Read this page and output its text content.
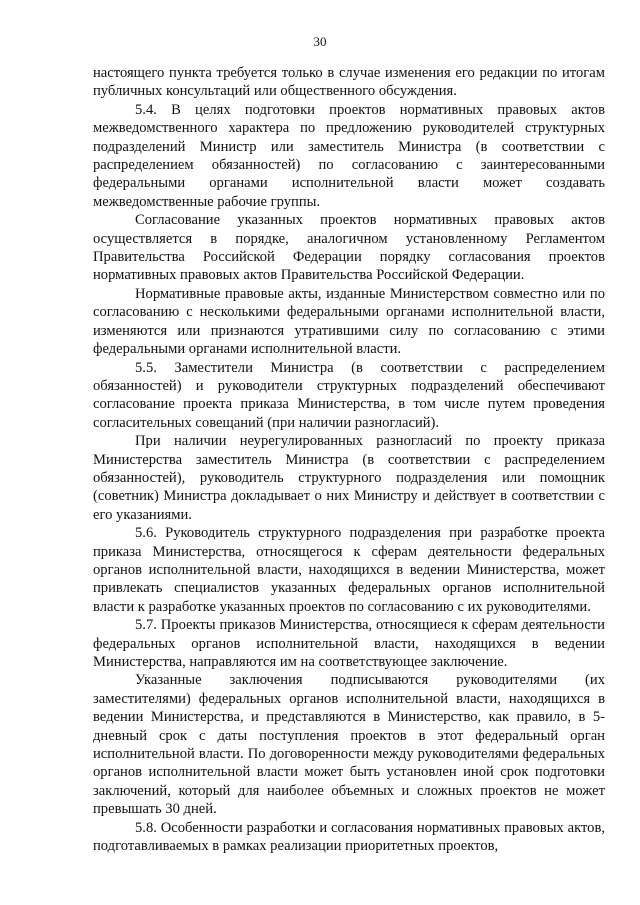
30

настоящего пункта требуется только в случае изменения его редакции по итогам публичных консультаций или общественного обсуждения.

5.4. В целях подготовки проектов нормативных правовых актов межведомственного характера по предложению руководителей структурных подразделений Министр или заместитель Министра (в соответствии с распределением обязанностей) по согласованию с заинтересованными федеральными органами исполнительной власти может создавать межведомственные рабочие группы.

Согласование указанных проектов нормативных правовых актов осуществляется в порядке, аналогичном установленному Регламентом Правительства Российской Федерации порядку согласования проектов нормативных правовых актов Правительства Российской Федерации.

Нормативные правовые акты, изданные Министерством совместно или по согласованию с несколькими федеральными органами исполнительной власти, изменяются или признаются утратившими силу по согласованию с этими федеральными органами исполнительной власти.

5.5. Заместители Министра (в соответствии с распределением обязанностей) и руководители структурных подразделений обеспечивают согласование проекта приказа Министерства, в том числе путем проведения согласительных совещаний (при наличии разногласий).

При наличии неурегулированных разногласий по проекту приказа Министерства заместитель Министра (в соответствии с распределением обязанностей), руководитель структурного подразделения или помощник (советник) Министра докладывает о них Министру и действует в соответствии с его указаниями.

5.6. Руководитель структурного подразделения при разработке проекта приказа Министерства, относящегося к сферам деятельности федеральных органов исполнительной власти, находящихся в ведении Министерства, может привлекать специалистов указанных федеральных органов исполнительной власти к разработке указанных проектов по согласованию с их руководителями.

5.7. Проекты приказов Министерства, относящиеся к сферам деятельности федеральных органов исполнительной власти, находящихся в ведении Министерства, направляются им на соответствующее заключение.

Указанные заключения подписываются руководителями (их заместителями) федеральных органов исполнительной власти, находящихся в ведении Министерства, и представляются в Министерство, как правило, в 5-дневный срок с даты поступления проектов в этот федеральный орган исполнительной власти. По договоренности между руководителями федеральных органов исполнительной власти может быть установлен иной срок подготовки заключений, который для наиболее объемных и сложных проектов не может превышать 30 дней.

5.8. Особенности разработки и согласования нормативных правовых актов, подготавливаемых в рамках реализации приоритетных проектов,
